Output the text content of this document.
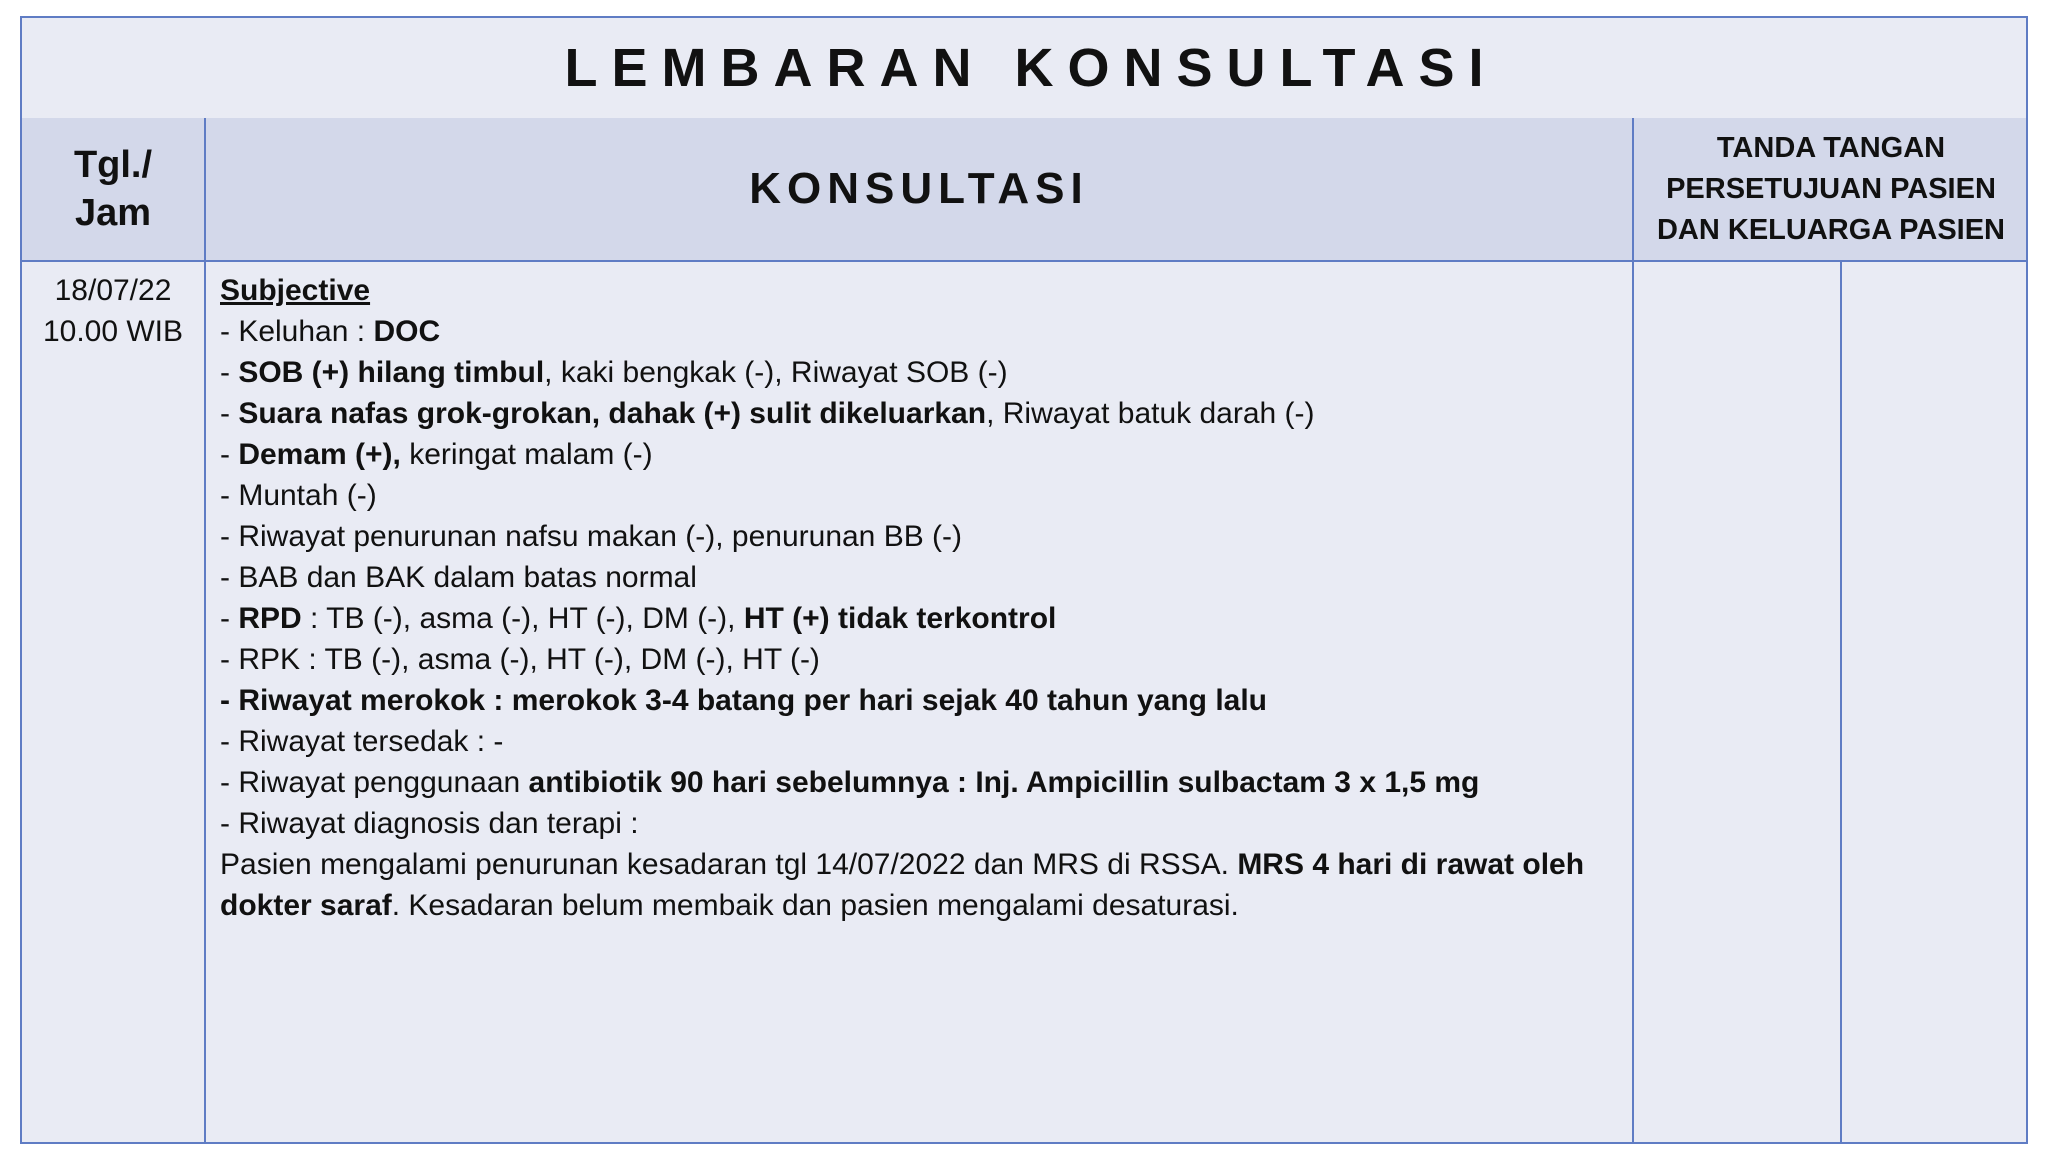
LEMBARAN KONSULTASI
Tgl./
Jam	KONSULTASI
TANDA TANGAN
PERSETUJUAN PASIEN
DAN KELUARGA PASIEN
18/07/22
10.00 WIB
Subjective
- Keluhan : DOC
- SOB (+) hilang timbul, kaki bengkak (-), Riwayat SOB (-)
- Suara nafas grok-grokan, dahak (+) sulit dikeluarkan, Riwayat batuk darah (-)
- Demam (+), keringat malam (-)
- Muntah (-)
- Riwayat penurunan nafsu makan (-), penurunan BB (-)
- BAB dan BAK dalam batas normal
- RPD : TB (-), asma (-), HT (-), DM (-), HT (+) tidak terkontrol
- RPK : TB (-), asma (-), HT (-), DM (-), HT (-)
- Riwayat merokok : merokok 3-4 batang per hari sejak 40 tahun yang lalu
- Riwayat tersedak : -
- Riwayat penggunaan antibiotik 90 hari sebelumnya : Inj. Ampicillin sulbactam 3 x 1,5 mg
- Riwayat diagnosis dan terapi :
Pasien mengalami penurunan kesadaran tgl 14/07/2022 dan MRS di RSSA. MRS 4 hari di rawat oleh dokter saraf. Kesadaran belum membaik dan pasien mengalami desaturasi.
